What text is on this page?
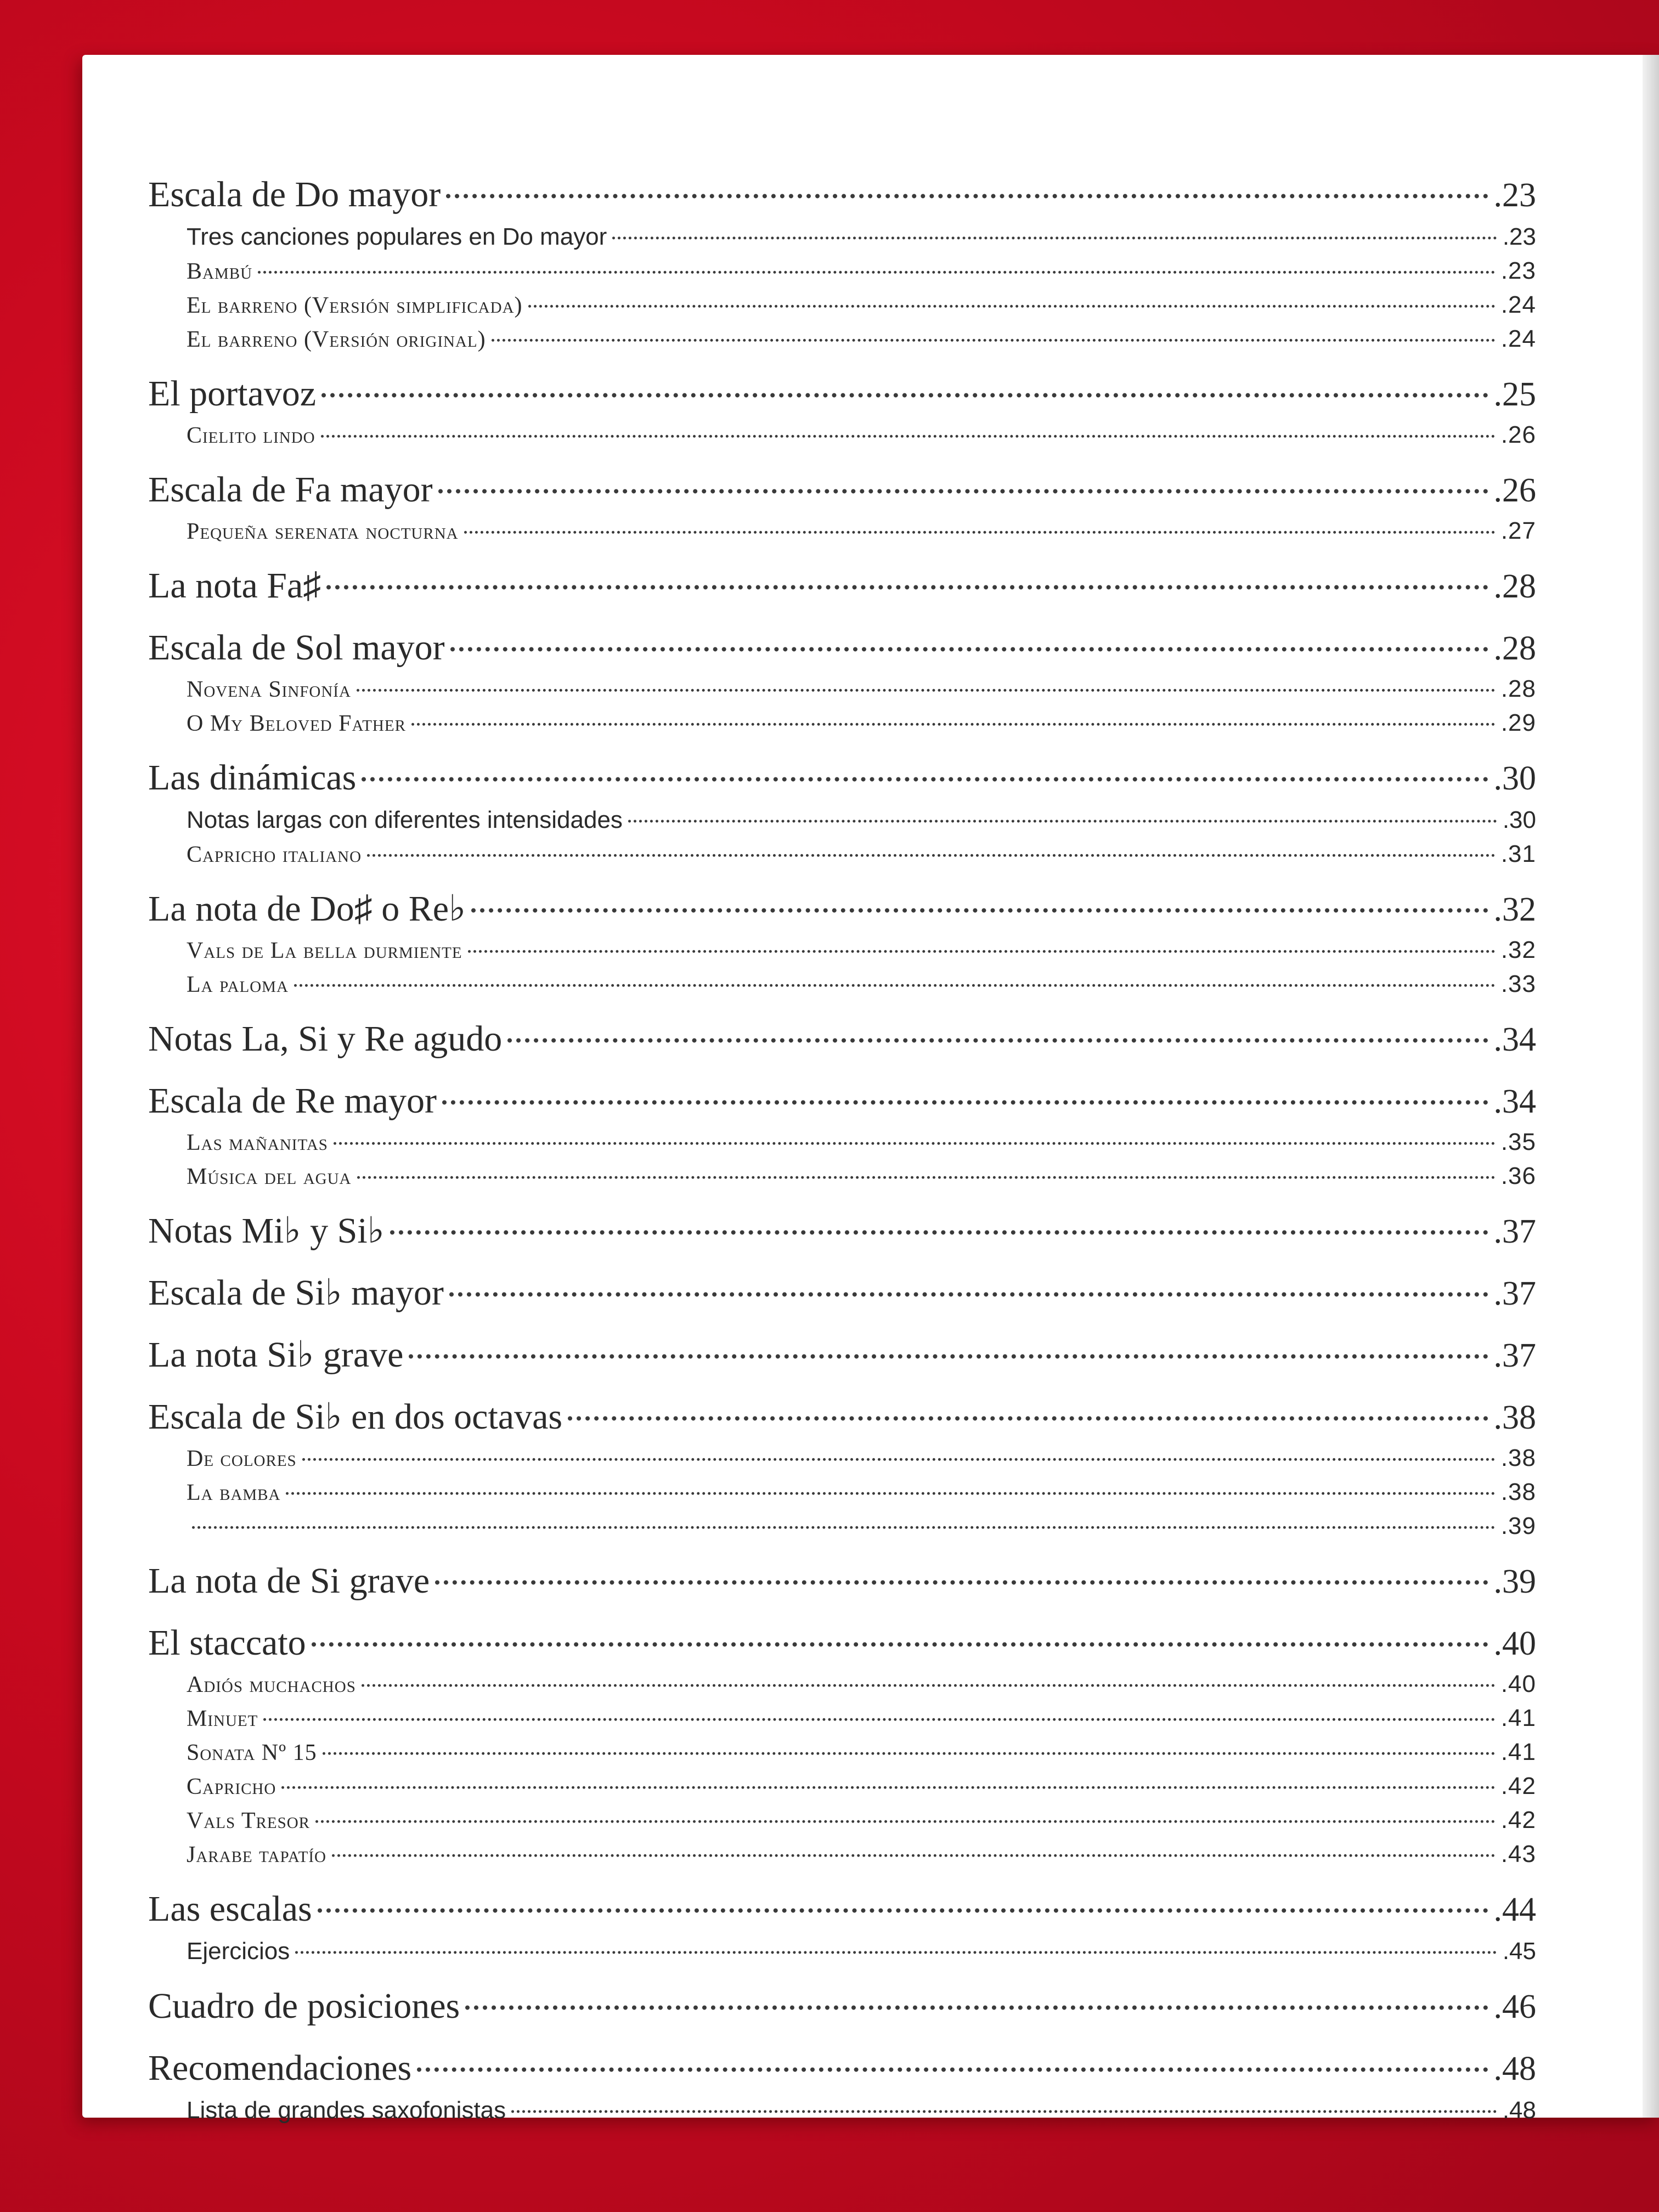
Escala de Do mayor	.23
Tres canciones populares en Do mayor	.23
Bambú	.23
El barreno (Versión simplificada)	.24
El barreno (Versión original)	.24
El portavoz	.25
Cielito lindo	.26
Escala de Fa mayor	.26
Pequeña serenata nocturna	.27
La nota Fa♯	.28
Escala de Sol mayor	.28
Novena Sinfonía	.28
O My Beloved Father	.29
Las dinámicas	.30
Notas largas con diferentes intensidades	.30
Capricho italiano	.31
La nota de Do♯ o Re♭	.32
Vals de La bella durmiente	.32
La paloma	.33
Notas La, Si y Re agudo	.34
Escala de Re mayor	.34
Las mañanitas	.35
Música del agua	.36
Notas Mi♭ y Si♭	.37
Escala de Si♭ mayor	.37
La nota Si♭ grave	.37
Escala de Si♭ en dos octavas	.38
De colores	.38
La bamba	.38
.39
La nota de Si grave	.39
El staccato	.40
Adiós muchachos	.40
Minuet	.41
Sonata Nº 15	.41
Capricho	.42
Vals Tresor	.42
Jarabe tapatío	.43
Las escalas	.44
Ejercicios	.45
Cuadro de posiciones	.46
Recomendaciones	.48
Lista de grandes saxofonistas	.48
